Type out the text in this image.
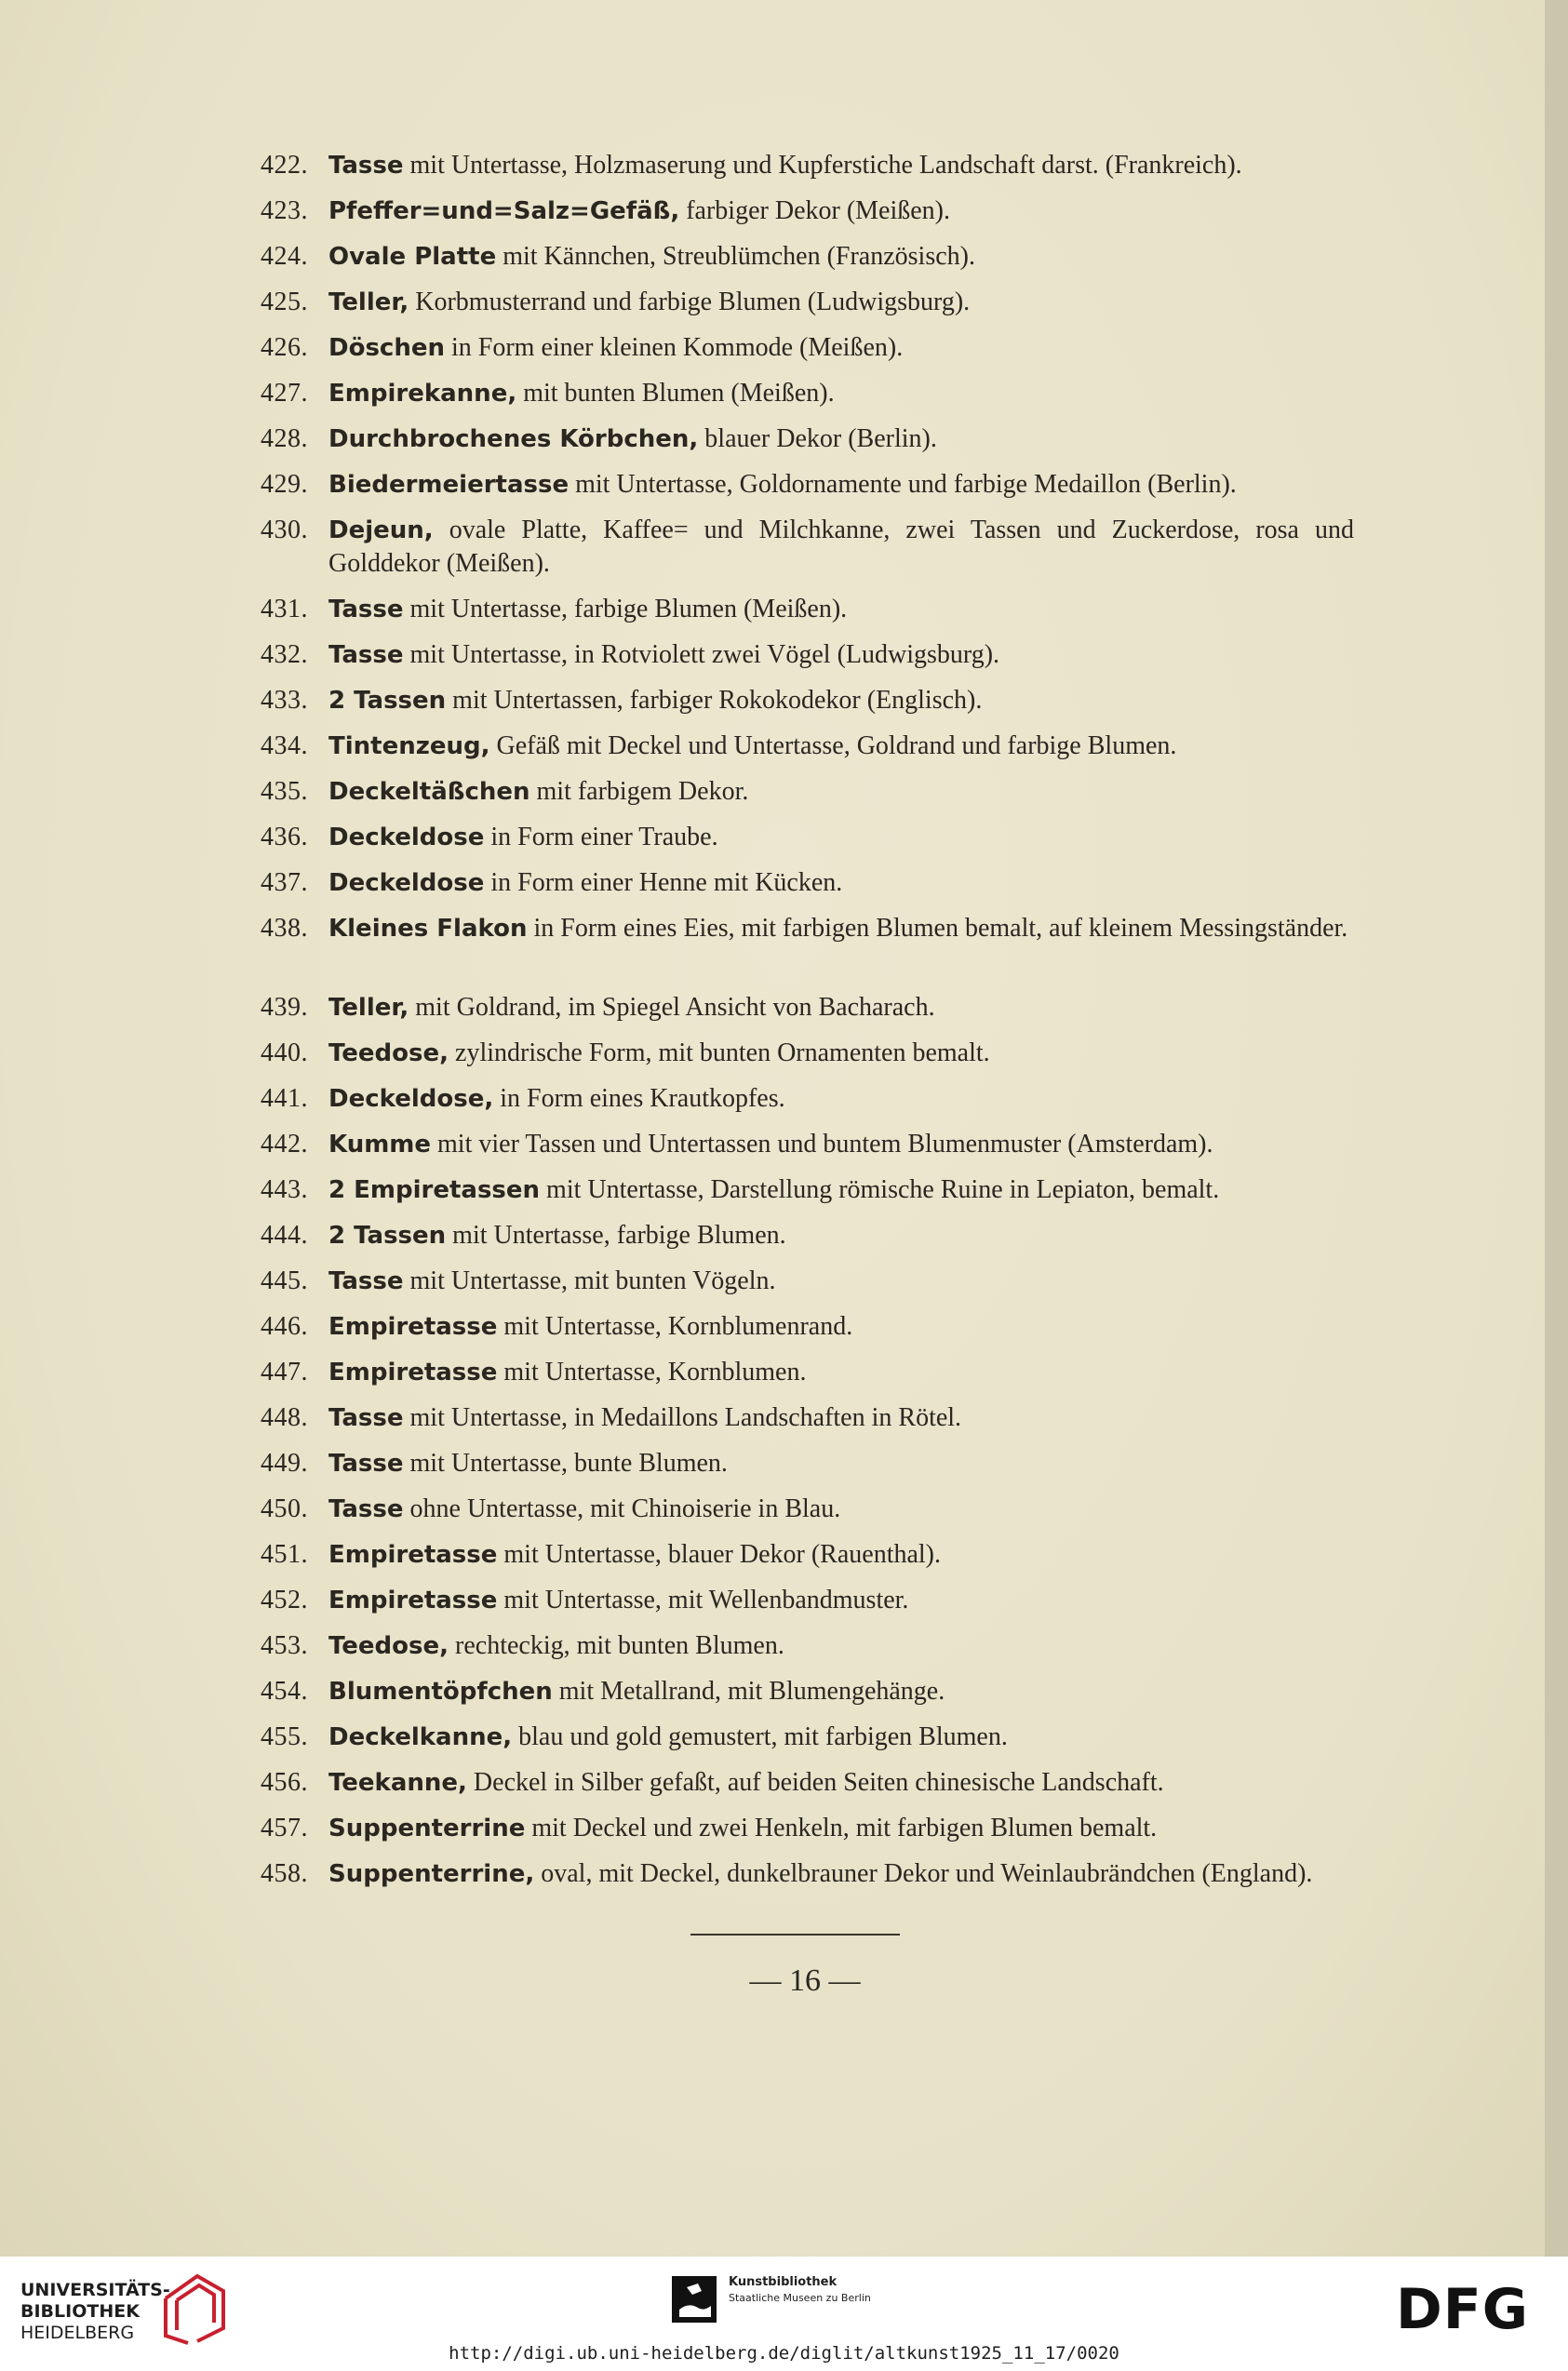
422. Tasse mit Untertasse, Holzmaserung und Kupferstiche Landschaft darst. (Frankreich).
423. Pfeffer=und=Salz=Gefäß, farbiger Dekor (Meißen).
424. Ovale Platte mit Kännchen, Streublümchen (Französisch).
425. Teller, Korbmusterrand und farbige Blumen (Ludwigsburg).
426. Döschen in Form einer kleinen Kommode (Meißen).
427. Empirekanne, mit bunten Blumen (Meißen).
428. Durchbrochenes Körbchen, blauer Dekor (Berlin).
429. Biedermeiertasse mit Untertasse, Goldornamente und farbige Medaillon (Berlin).
430. Dejeun, ovale Platte, Kaffee= und Milchkanne, zwei Tassen und Zuckerdose, rosa und Golddekor (Meißen).
431. Tasse mit Untertasse, farbige Blumen (Meißen).
432. Tasse mit Untertasse, in Rotviolett zwei Vögel (Ludwigsburg).
433. 2 Tassen mit Untertassen, farbiger Rokokodekor (Englisch).
434. Tintenzeug, Gefäß mit Deckel und Untertasse, Goldrand und farbige Blumen.
435. Deckeltäßchen mit farbigem Dekor.
436. Deckeldose in Form einer Traube.
437. Deckeldose in Form einer Henne mit Kücken.
438. Kleines Flakon in Form eines Eies, mit farbigen Blumen bemalt, auf kleinem Messingständer.
439. Teller, mit Goldrand, im Spiegel Ansicht von Bacharach.
440. Teedose, zylindrische Form, mit bunten Ornamenten bemalt.
441. Deckeldose, in Form eines Krautkopfes.
442. Kumme mit vier Tassen und Untertassen und buntem Blumenmuster (Amsterdam).
443. 2 Empiretassen mit Untertasse, Darstellung römische Ruine in Lepiaton, bemalt.
444. 2 Tassen mit Untertasse, farbige Blumen.
445. Tasse mit Untertasse, mit bunten Vögeln.
446. Empiretasse mit Untertasse, Kornblumenrand.
447. Empiretasse mit Untertasse, Kornblumen.
448. Tasse mit Untertasse, in Medaillons Landschaften in Rötel.
449. Tasse mit Untertasse, bunte Blumen.
450. Tasse ohne Untertasse, mit Chinoiserie in Blau.
451. Empiretasse mit Untertasse, blauer Dekor (Rauenthal).
452. Empiretasse mit Untertasse, mit Wellenbandmuster.
453. Teedose, rechteckig, mit bunten Blumen.
454. Blumentöpfchen mit Metallrand, mit Blumengehänge.
455. Deckelkanne, blau und gold gemustert, mit farbigen Blumen.
456. Teekanne, Deckel in Silber gefaßt, auf beiden Seiten chinesische Landschaft.
457. Suppenterrine mit Deckel und zwei Henkeln, mit farbigen Blumen bemalt.
458. Suppenterrine, oval, mit Deckel, dunkelbrauner Dekor und Weinlaubrändchen (England).
— 16 —
UNIVERSITÄTS-
BIBLIOTHEK
HEIDELBERG
Kunstbibliothek
Staatliche Museen zu Berlin	DFG
http://digi.ub.uni-heidelberg.de/diglit/altkunst1925_11_17/0020
